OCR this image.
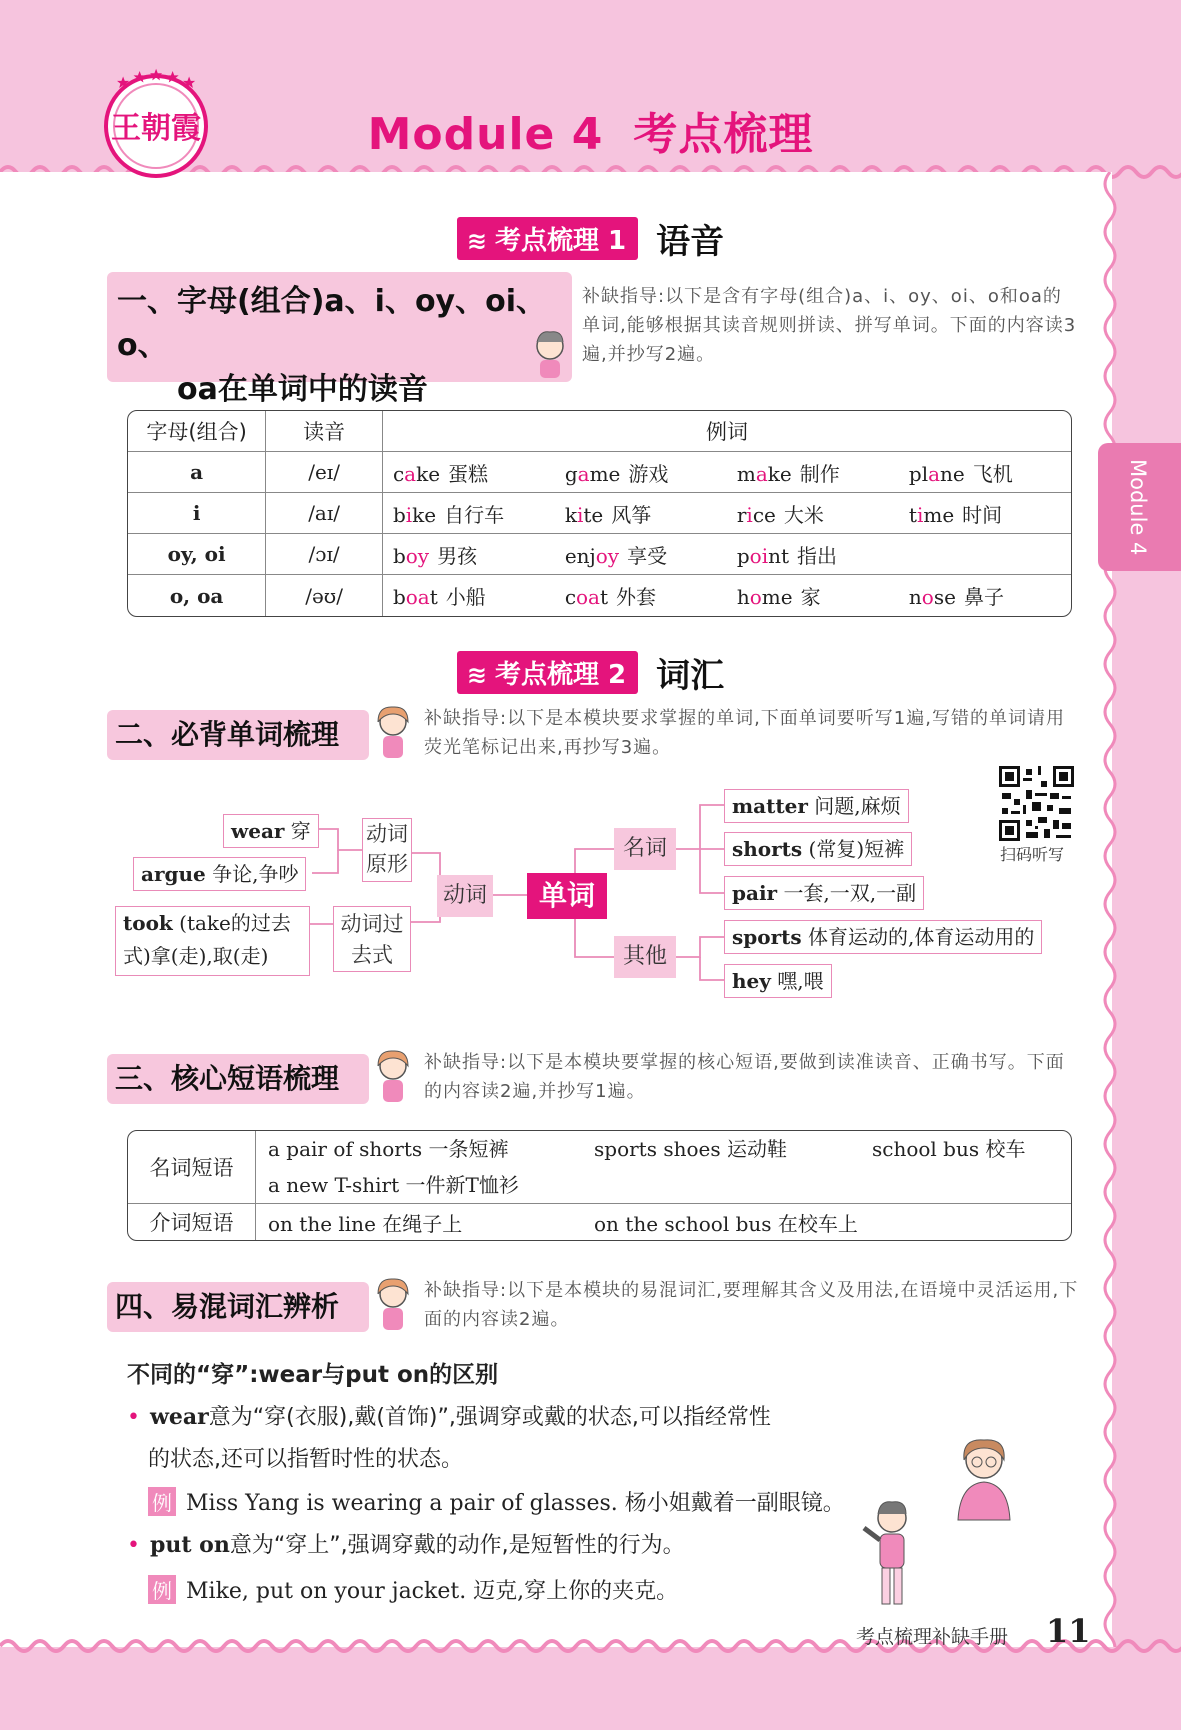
王朝霞	Module 4 考点梳理
Module 4
≋ 考点梳理 1 语音
一、字母(组合)a、i、oy、oi、o、
oa在单词中的读音
补缺指导:以下是含有字母(组合)a、i、oy、oi、o和oa的单词,能够根据其读音规则拼读、拼写单词。下面的内容读3遍,并抄写2遍。
字母(组合)	读音	例词			
a	/eɪ/	cake 蛋糕	game 游戏	make 制作	plane 飞机
i	/aɪ/	bike 自行车	kite 风筝	rice 大米	time 时间
oy, oi	/ɔɪ/	boy 男孩	enjoy 享受	point 指出	
o, oa	/əʊ/	boat 小船	coat 外套	home 家	nose 鼻子
≋ 考点梳理 2 词汇
二、必背单词梳理	补缺指导:以下是本模块要求掌握的单词,下面单词要听写1遍,写错的单词请用荧光笔标记出来,再抄写3遍。
扫码听写
wear 穿
argue 争论,争吵
took (take的过去式)拿(走),取(走)
动词原形
动词过去式
动词	单词
名词
其他
matter 问题,麻烦
shorts (常复)短裤
pair 一套,一双,一副
sports 体育运动的,体育运动用的
hey 嘿,喂
三、核心短语梳理	补缺指导:以下是本模块要掌握的核心短语,要做到读准读音、正确书写。下面的内容读2遍,并抄写1遍。
名词短语	a pair of shorts 一条短裤 sports shoes 运动鞋 school bus 校车
a new T-shirt 一件新T恤衫

介词短语	on the line 在绳子上 on the school bus 在校车上
四、易混词汇辨析	补缺指导:以下是本模块的易混词汇,要理解其含义及用法,在语境中灵活运用,下面的内容读2遍。
不同的“穿”:wear与put on的区别
• wear意为“穿(衣服),戴(首饰)”,强调穿或戴的状态,可以指经常性
的状态,还可以指暂时性的状态。
例 Miss Yang is wearing a pair of glasses. 杨小姐戴着一副眼镜。
• put on意为“穿上”,强调穿戴的动作,是短暂性的行为。
例 Mike, put on your jacket. 迈克,穿上你的夹克。
考点梳理补缺手册 11
